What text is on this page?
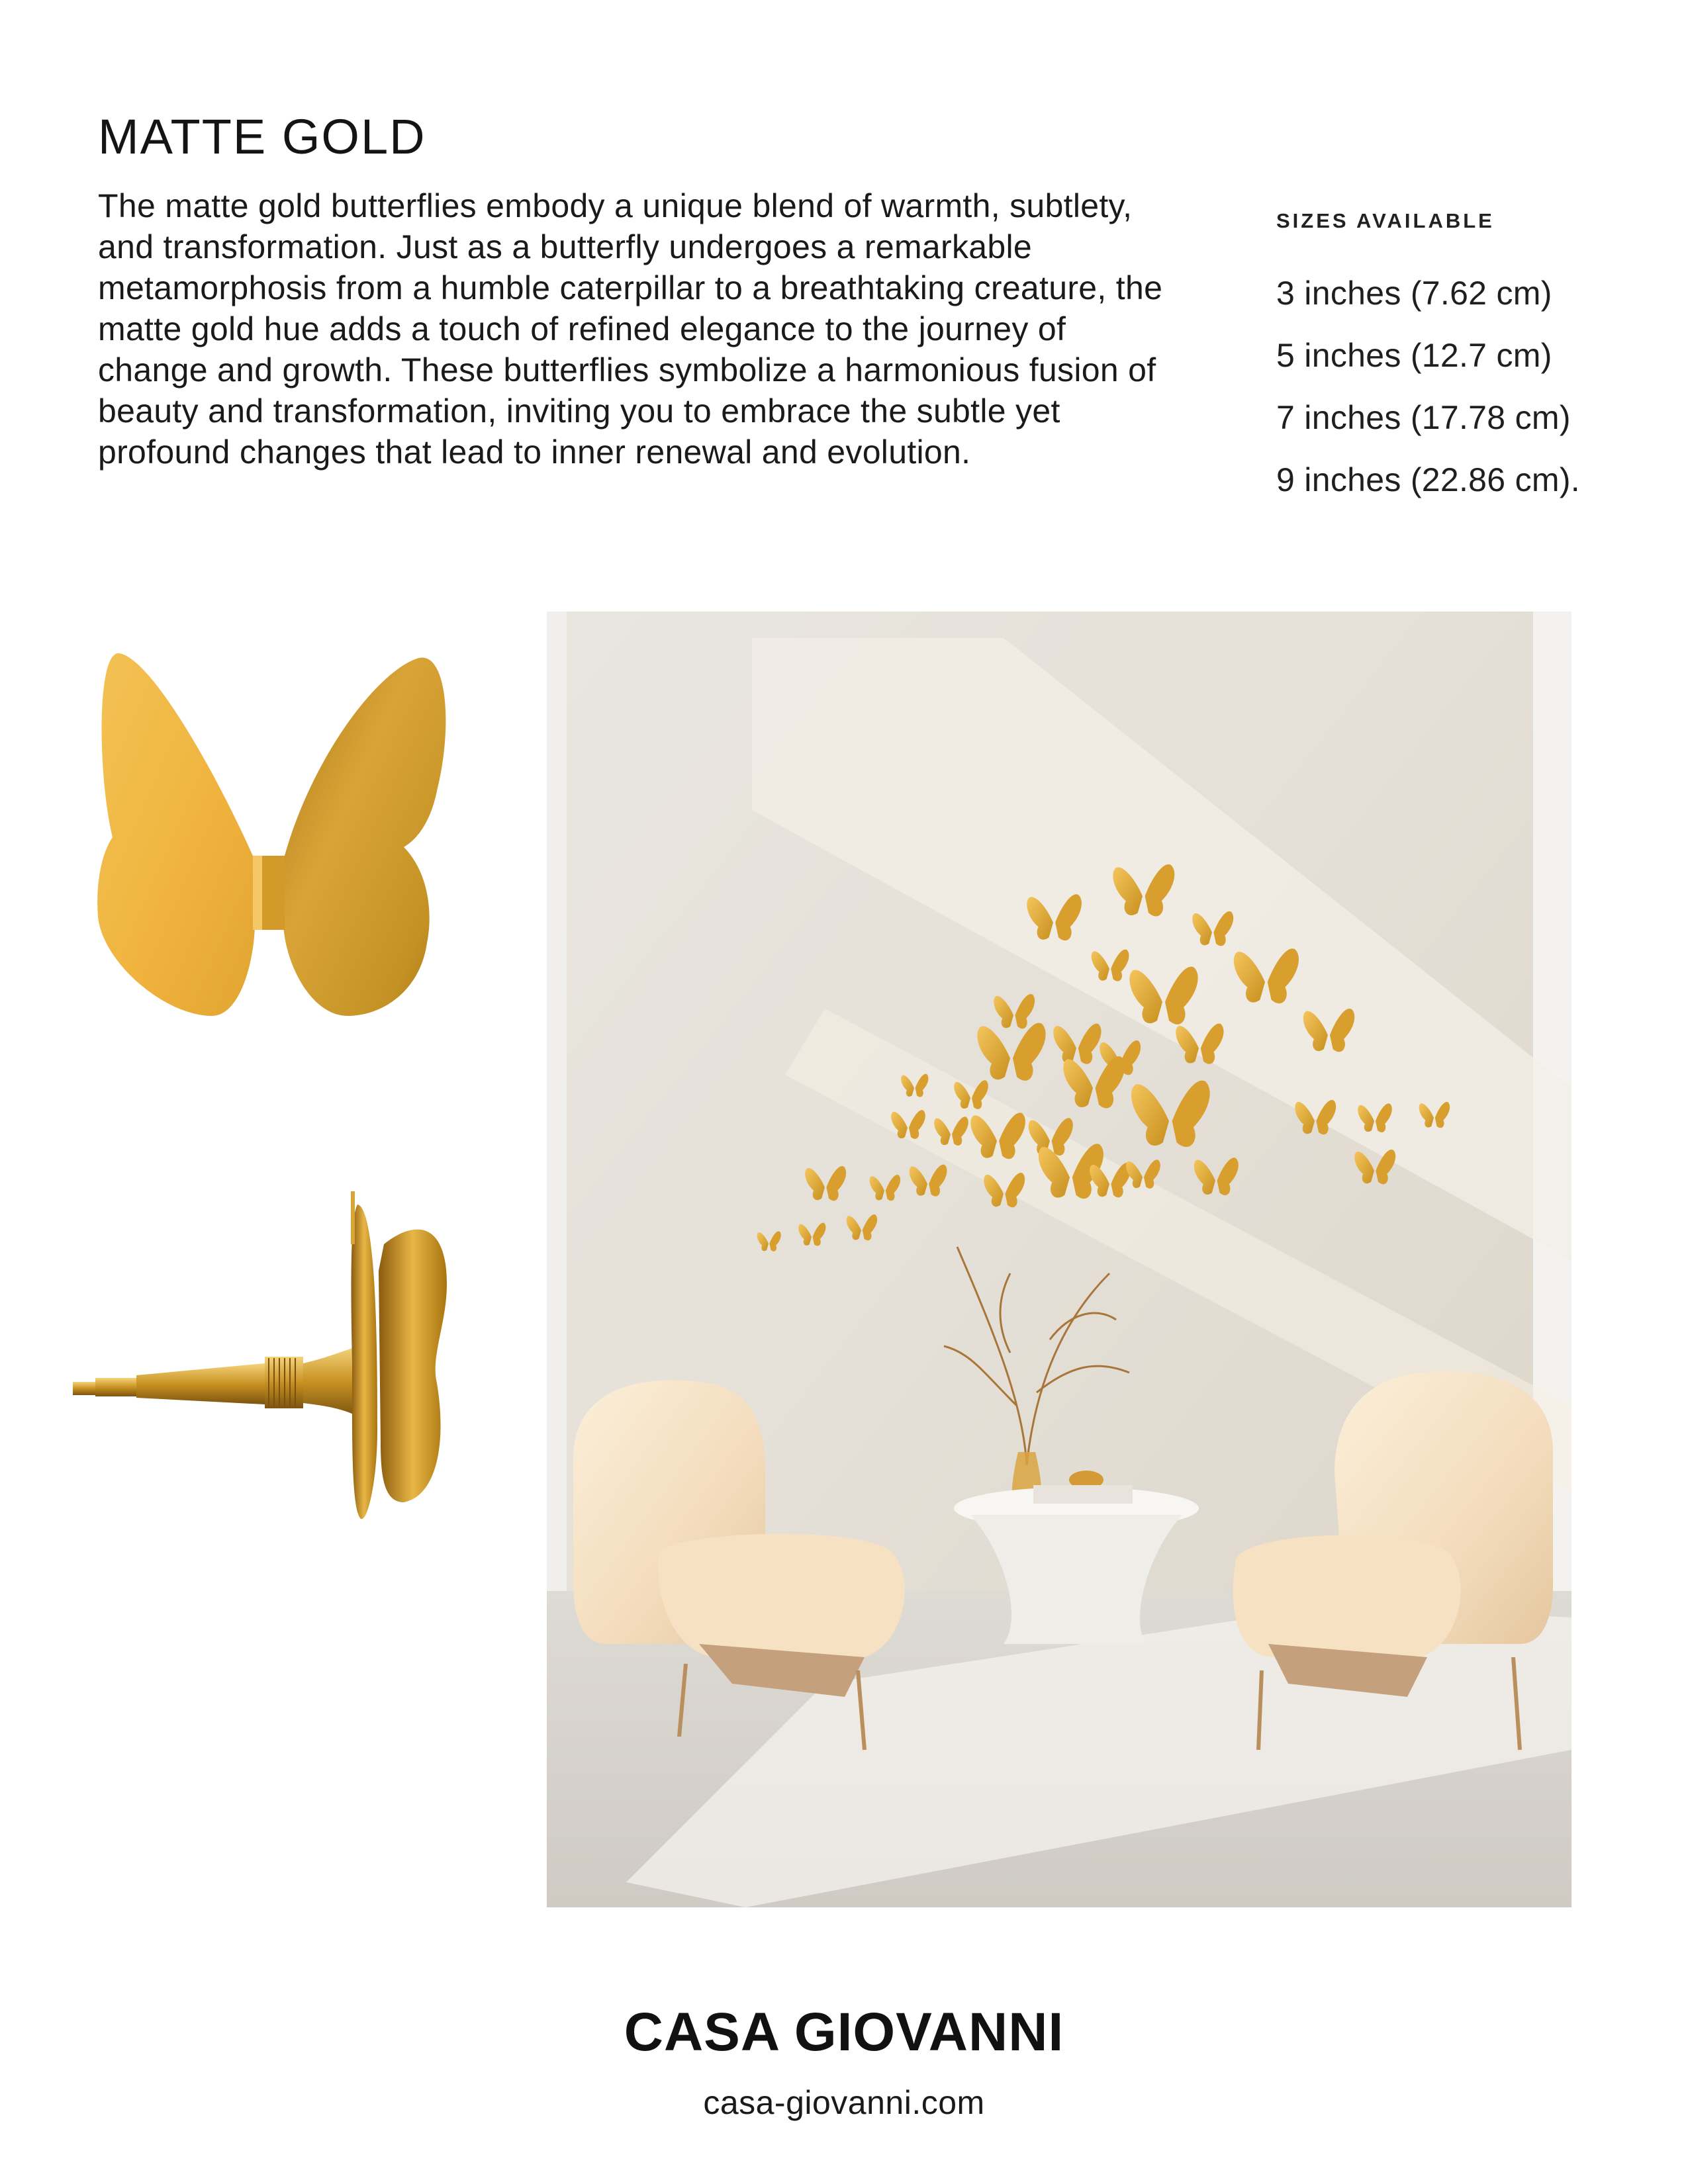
MATTE GOLD

The matte gold butterflies embody a unique blend of warmth, subtlety, and transformation. Just as a butterfly undergoes a remarkable metamorphosis from a humble caterpillar to a breathtaking creature, the matte gold hue adds a touch of refined elegance to the journey of change and growth. These butterflies symbolize a harmonious fusion of beauty and transformation, inviting you to embrace the subtle yet profound changes that lead to inner renewal and evolution.

SIZES AVAILABLE
3 inches (7.62 cm)
5 inches (12.7 cm)
7 inches (17.78 cm)
9 inches (22.86 cm).
CASA GIOVANNI
casa-giovanni.com
